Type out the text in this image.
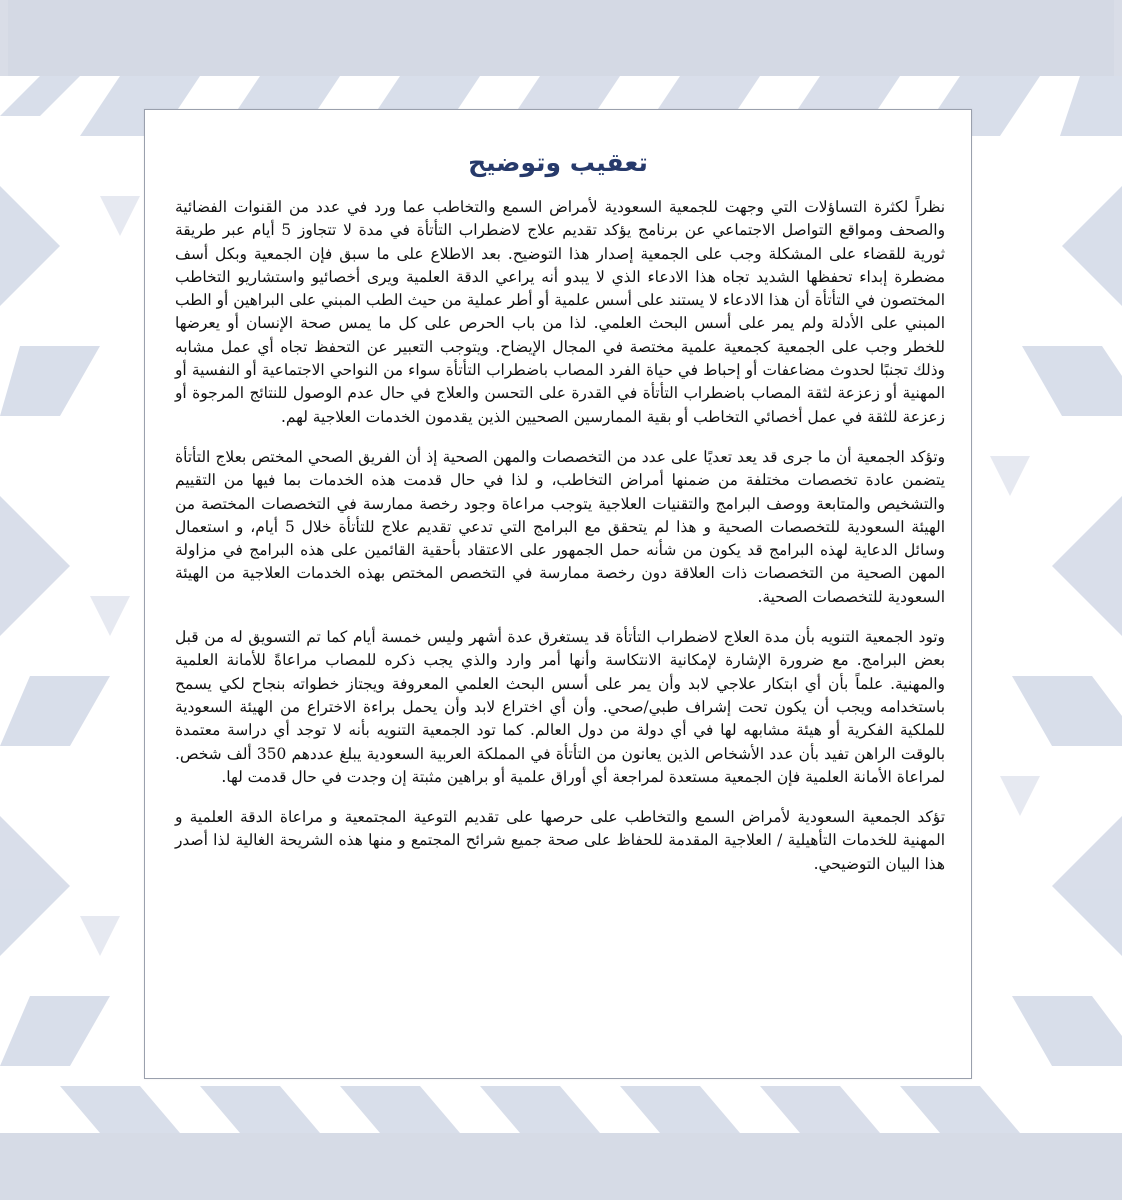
تعقيب وتوضيح

نظراً لكثرة التساؤلات التي وجهت للجمعية السعودية لأمراض السمع والتخاطب عما ورد في عدد من القنوات الفضائية والصحف ومواقع التواصل الاجتماعي عن برنامج يؤكد تقديم علاج لاضطراب التأتأة في مدة لا تتجاوز 5 أيام عبر طريقة ثورية للقضاء على المشكلة وجب على الجمعية إصدار هذا التوضيح. بعد الاطلاع على ما سبق فإن الجمعية وبكل أسف مضطرة إبداء تحفظها الشديد تجاه هذا الادعاء الذي لا يبدو أنه يراعي الدقة العلمية ويرى أخصائيو واستشاريو التخاطب المختصون في التأتأة أن هذا الادعاء لا يستند على أسس علمية أو أطر عملية من حيث الطب المبني على البراهين أو الطب المبني على الأدلة ولم يمر على أسس البحث العلمي. لذا من باب الحرص على كل ما يمس صحة الإنسان أو يعرضها للخطر وجب على الجمعية كجمعية علمية مختصة في المجال الإيضاح. ويتوجب التعبير عن التحفظ تجاه أي عمل مشابه وذلك تجنبًا لحدوث مضاعفات أو إحباط في حياة الفرد المصاب باضطراب التأتأة سواء من النواحي الاجتماعية أو النفسية أو المهنية أو زعزعة لثقة المصاب باضطراب التأتأة في القدرة على التحسن والعلاج في حال عدم الوصول للنتائج المرجوة أو زعزعة للثقة في عمل أخصائي التخاطب أو بقية الممارسين الصحيين الذين يقدمون الخدمات العلاجية لهم.

وتؤكد الجمعية أن ما جرى قد يعد تعديًا على عدد من التخصصات والمهن الصحية إذ أن الفريق الصحي المختص بعلاج التأتأة يتضمن عادة تخصصات مختلفة من ضمنها أمراض التخاطب، و لذا في حال قدمت هذه الخدمات بما فيها من التقييم والتشخيص والمتابعة ووصف البرامج والتقنيات العلاجية يتوجب مراعاة وجود رخصة ممارسة في التخصصات المختصة من الهيئة السعودية للتخصصات الصحية و هذا لم يتحقق مع البرامج التي تدعي تقديم علاج للتأتأة خلال 5 أيام، و استعمال وسائل الدعاية لهذه البرامج قد يكون من شأنه حمل الجمهور على الاعتقاد بأحقية القائمين على هذه البرامج في مزاولة المهن الصحية من التخصصات ذات العلاقة دون رخصة ممارسة في التخصص المختص بهذه الخدمات العلاجية من الهيئة السعودية للتخصصات الصحية.

وتود الجمعية التنويه بأن مدة العلاج لاضطراب التأتأة قد يستغرق عدة أشهر وليس خمسة أيام كما تم التسويق له من قبل بعض البرامج. مع ضرورة الإشارة لإمكانية الانتكاسة وأنها أمر وارد والذي يجب ذكره للمصاب مراعاةً للأمانة العلمية والمهنية. علماً بأن أي ابتكار علاجي لابد وأن يمر على أسس البحث العلمي المعروفة ويجتاز خطواته بنجاح لكي يسمح باستخدامه ويجب أن يكون تحت إشراف طبي/صحي. وأن أي اختراع لابد وأن يحمل براءة الاختراع من الهيئة السعودية للملكية الفكرية أو هيئة مشابهه لها في أي دولة من دول العالم. كما تود الجمعية التنويه بأنه لا توجد أي دراسة معتمدة بالوقت الراهن تفيد بأن عدد الأشخاص الذين يعانون من التأتأة في المملكة العربية السعودية يبلغ عددهم 350 ألف شخص. لمراعاة الأمانة العلمية فإن الجمعية مستعدة لمراجعة أي أوراق علمية أو براهين مثبتة إن وجدت في حال قدمت لها.

تؤكد الجمعية السعودية لأمراض السمع والتخاطب على حرصها على تقديم التوعية المجتمعية و مراعاة الدقة العلمية و المهنية للخدمات التأهيلية / العلاجية المقدمة للحفاظ على صحة جميع شرائح المجتمع و منها هذه الشريحة الغالية لذا أصدر هذا البيان التوضيحي.
